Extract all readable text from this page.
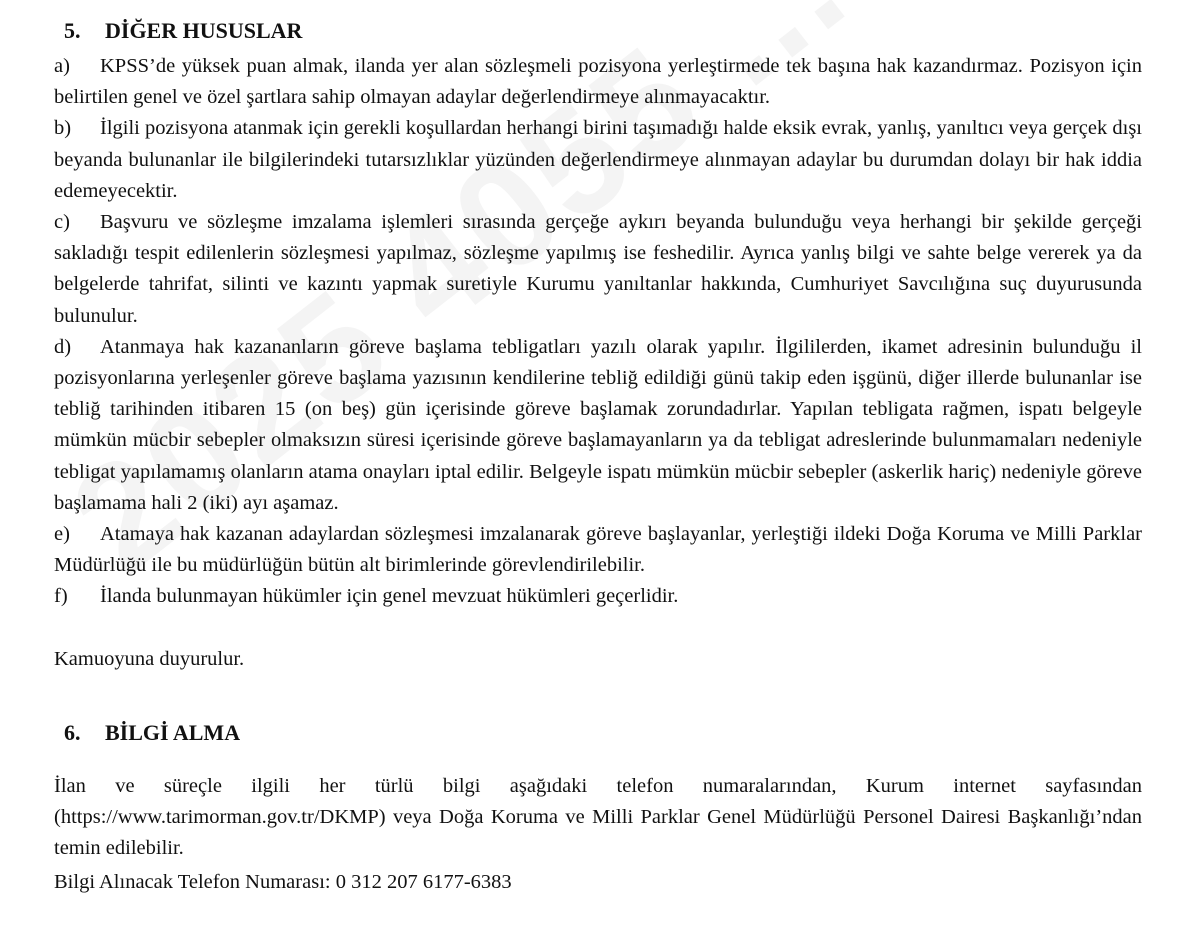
5.	DİĞER HUSUSLAR

a) KPSS’de yüksek puan almak, ilanda yer alan sözleşmeli pozisyona yerleştirmede tek başına hak kazandırmaz. Pozisyon için belirtilen genel ve özel şartlara sahip olmayan adaylar değerlendirmeye alınmayacaktır.

b) İlgili pozisyona atanmak için gerekli koşullardan herhangi birini taşımadığı halde eksik evrak, yanlış, yanıltıcı veya gerçek dışı beyanda bulunanlar ile bilgilerindeki tutarsızlıklar yüzünden değerlendirmeye alınmayan adaylar bu durumdan dolayı bir hak iddia edemeyecektir.

c) Başvuru ve sözleşme imzalama işlemleri sırasında gerçeğe aykırı beyanda bulunduğu veya herhangi bir şekilde gerçeği sakladığı tespit edilenlerin sözleşmesi yapılmaz, sözleşme yapılmış ise feshedilir. Ayrıca yanlış bilgi ve sahte belge vererek ya da belgelerde tahrifat, silinti ve kazıntı yapmak suretiyle Kurumu yanıltanlar hakkında, Cumhuriyet Savcılığına suç duyurusunda bulunulur.

d) Atanmaya hak kazananların göreve başlama tebligatları yazılı olarak yapılır. İlgililerden, ikamet adresinin bulunduğu il pozisyonlarına yerleşenler göreve başlama yazısının kendilerine tebliğ edildiği günü takip eden işgünü, diğer illerde bulunanlar ise tebliğ tarihinden itibaren 15 (on beş) gün içerisinde göreve başlamak zorundadırlar. Yapılan tebligata rağmen, ispatı belgeyle mümkün mücbir sebepler olmaksızın süresi içerisinde göreve başlamayanların ya da tebligat adreslerinde bulunmamaları nedeniyle tebligat yapılamamış olanların atama onayları iptal edilir. Belgeyle ispatı mümkün mücbir sebepler (askerlik hariç) nedeniyle göreve başlamama hali 2 (iki) ayı aşamaz.

e) Atamaya hak kazanan adaylardan sözleşmesi imzalanarak göreve başlayanlar, yerleştiği ildeki Doğa Koruma ve Milli Parklar Müdürlüğü ile bu müdürlüğün bütün alt birimlerinde görevlendirilebilir.

f) İlanda bulunmayan hükümler için genel mevzuat hükümleri geçerlidir.

Kamuoyuna duyurulur.

6.	BİLGİ ALMA

İlan ve süreçle ilgili her türlü bilgi aşağıdaki telefon numaralarından, Kurum internet sayfasından (https://www.tarimorman.gov.tr/DKMP) veya Doğa Koruma ve Milli Parklar Genel Müdürlüğü Personel Dairesi Başkanlığı’ndan temin edilebilir.

Bilgi Alınacak Telefon Numarası: 0 312 207 6177-6383
